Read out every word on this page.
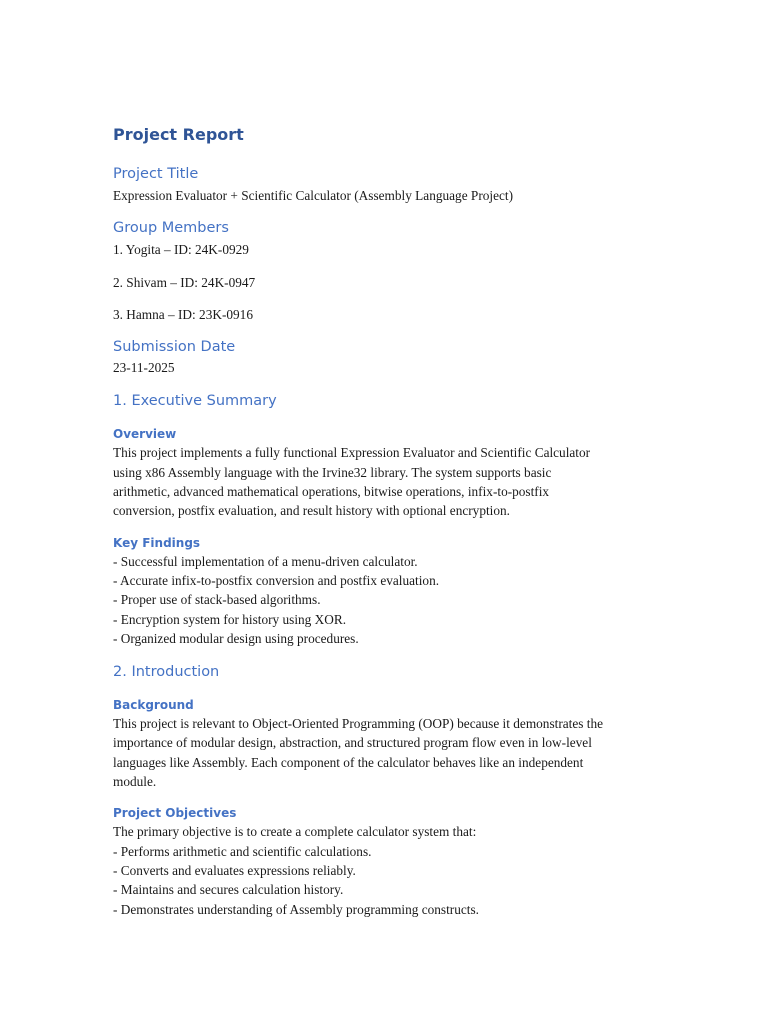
Project Report
Project Title
Expression Evaluator + Scientific Calculator (Assembly Language Project)
Group Members
1. Yogita – ID: 24K-0929
2. Shivam – ID: 24K-0947
3. Hamna – ID: 23K-0916
Submission Date
23-11-2025
1. Executive Summary
Overview
This project implements a fully functional Expression Evaluator and Scientific Calculator
using x86 Assembly language with the Irvine32 library. The system supports basic
arithmetic, advanced mathematical operations, bitwise operations, infix-to-postfix
conversion, postfix evaluation, and result history with optional encryption.
Key Findings
- Successful implementation of a menu-driven calculator.
- Accurate infix-to-postfix conversion and postfix evaluation.
- Proper use of stack-based algorithms.
- Encryption system for history using XOR.
- Organized modular design using procedures.
2. Introduction
Background
This project is relevant to Object-Oriented Programming (OOP) because it demonstrates the
importance of modular design, abstraction, and structured program flow even in low-level
languages like Assembly. Each component of the calculator behaves like an independent
module.
Project Objectives
The primary objective is to create a complete calculator system that:
- Performs arithmetic and scientific calculations.
- Converts and evaluates expressions reliably.
- Maintains and secures calculation history.
- Demonstrates understanding of Assembly programming constructs.
